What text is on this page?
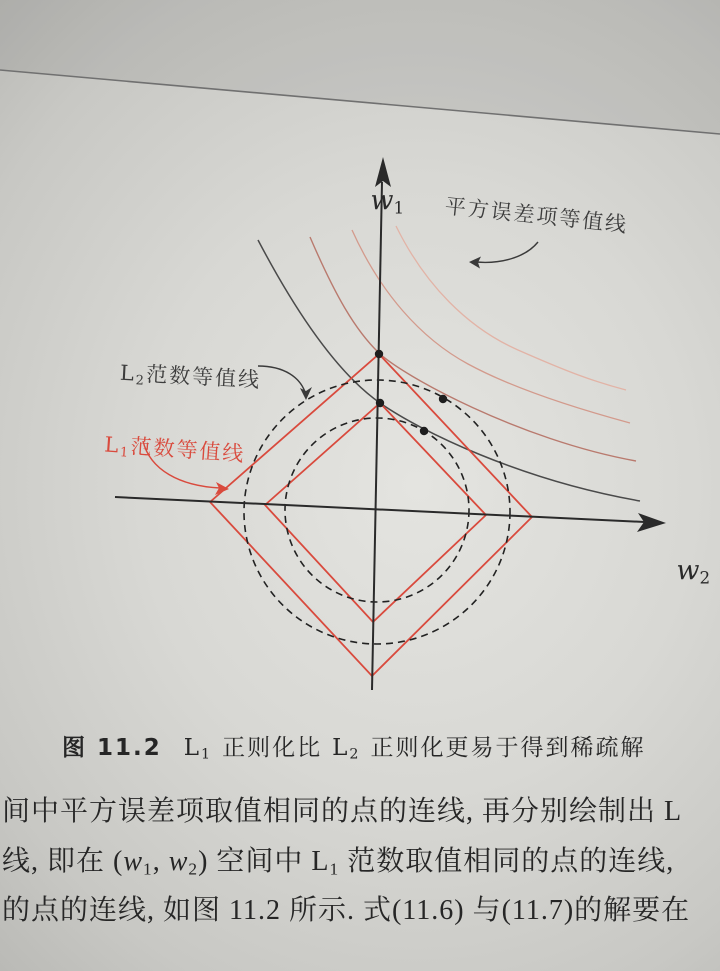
$w_1$

$w_2$

平方误差项等值线

$L_2$范数等值线

$L_1$范数等值线

图 11.2 $L_1$ 正则化比 $L_2$ 正则化更易于得到稀疏解
间中平方误差项取值相同的点的连线, 再分别绘制出 L
线, 即在 ($w_1$, $w_2$) 空间中 $L_1$ 范数取值相同的点的连线,
的点的连线, 如图 11.2 所示. 式(11.6) 与(11.7)的解要在
